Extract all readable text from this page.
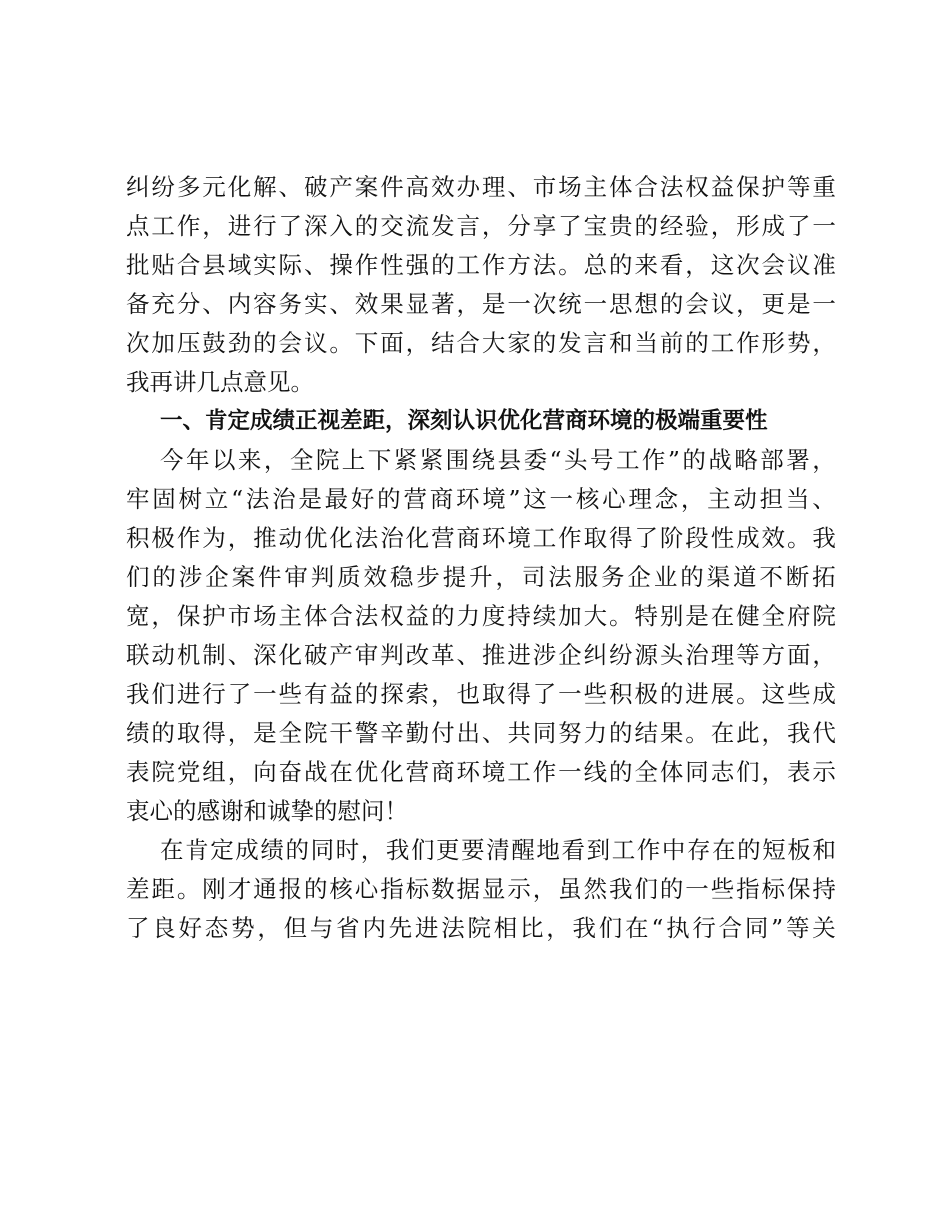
纠 纷 多 元 化 解 、 破 产 案 件 高 效 办 理 、 市 场 主 体 合 法 权 益 保 护 等 重
点 工 作 ， 进 行 了 深 入 的 交 流 发 言 ， 分 享 了 宝 贵 的 经 验 ， 形 成 了 一
批 贴 合 县 域 实 际 、 操 作 性 强 的 工 作 方 法 。 总 的 来 看 ， 这 次 会 议 准
备 充 分 、 内 容 务 实 、 效 果 显 著 ， 是 一 次 统 一 思 想 的 会 议 ， 更 是 一
次 加 压 鼓 劲 的 会 议 。 下 面 ， 结 合 大 家 的 发 言 和 当 前 的 工 作 形 势 ，
我再讲几点意见。
一、肯定成绩正视差距，深刻认识优化营商环境的极端重要性
今 年 以 来 ， 全 院 上 下 紧 紧 围 绕 县 委 “ 头 号 工 作 ” 的 战 略 部 署 ，
牢 固 树 立 “ 法 治 是 最 好 的 营 商 环 境 ” 这 一 核 心 理 念 ， 主 动 担 当 、
积 极 作 为 ， 推 动 优 化 法 治 化 营 商 环 境 工 作 取 得 了 阶 段 性 成 效 。 我
们 的 涉 企 案 件 审 判 质 效 稳 步 提 升 ， 司 法 服 务 企 业 的 渠 道 不 断 拓
宽 ， 保 护 市 场 主 体 合 法 权 益 的 力 度 持 续 加 大 。 特 别 是 在 健 全 府 院
联 动 机 制 、 深 化 破 产 审 判 改 革 、 推 进 涉 企 纠 纷 源 头 治 理 等 方 面 ，
我 们 进 行 了 一 些 有 益 的 探 索 ， 也 取 得 了 一 些 积 极 的 进 展 。 这 些 成
绩 的 取 得 ， 是 全 院 干 警 辛 勤 付 出 、 共 同 努 力 的 结 果 。 在 此 ， 我 代
表 院 党 组 ， 向 奋 战 在 优 化 营 商 环 境 工 作 一 线 的 全 体 同 志 们 ， 表 示
衷心的感谢和诚挚的慰问！
在 肯 定 成 绩 的 同 时 ， 我 们 更 要 清 醒 地 看 到 工 作 中 存 在 的 短 板 和
差 距 。 刚 才 通 报 的 核 心 指 标 数 据 显 示 ， 虽 然 我 们 的 一 些 指 标 保 持
了 良 好 态 势 ， 但 与 省 内 先 进 法 院 相 比 ， 我 们 在 “ 执 行 合 同 ” 等 关
